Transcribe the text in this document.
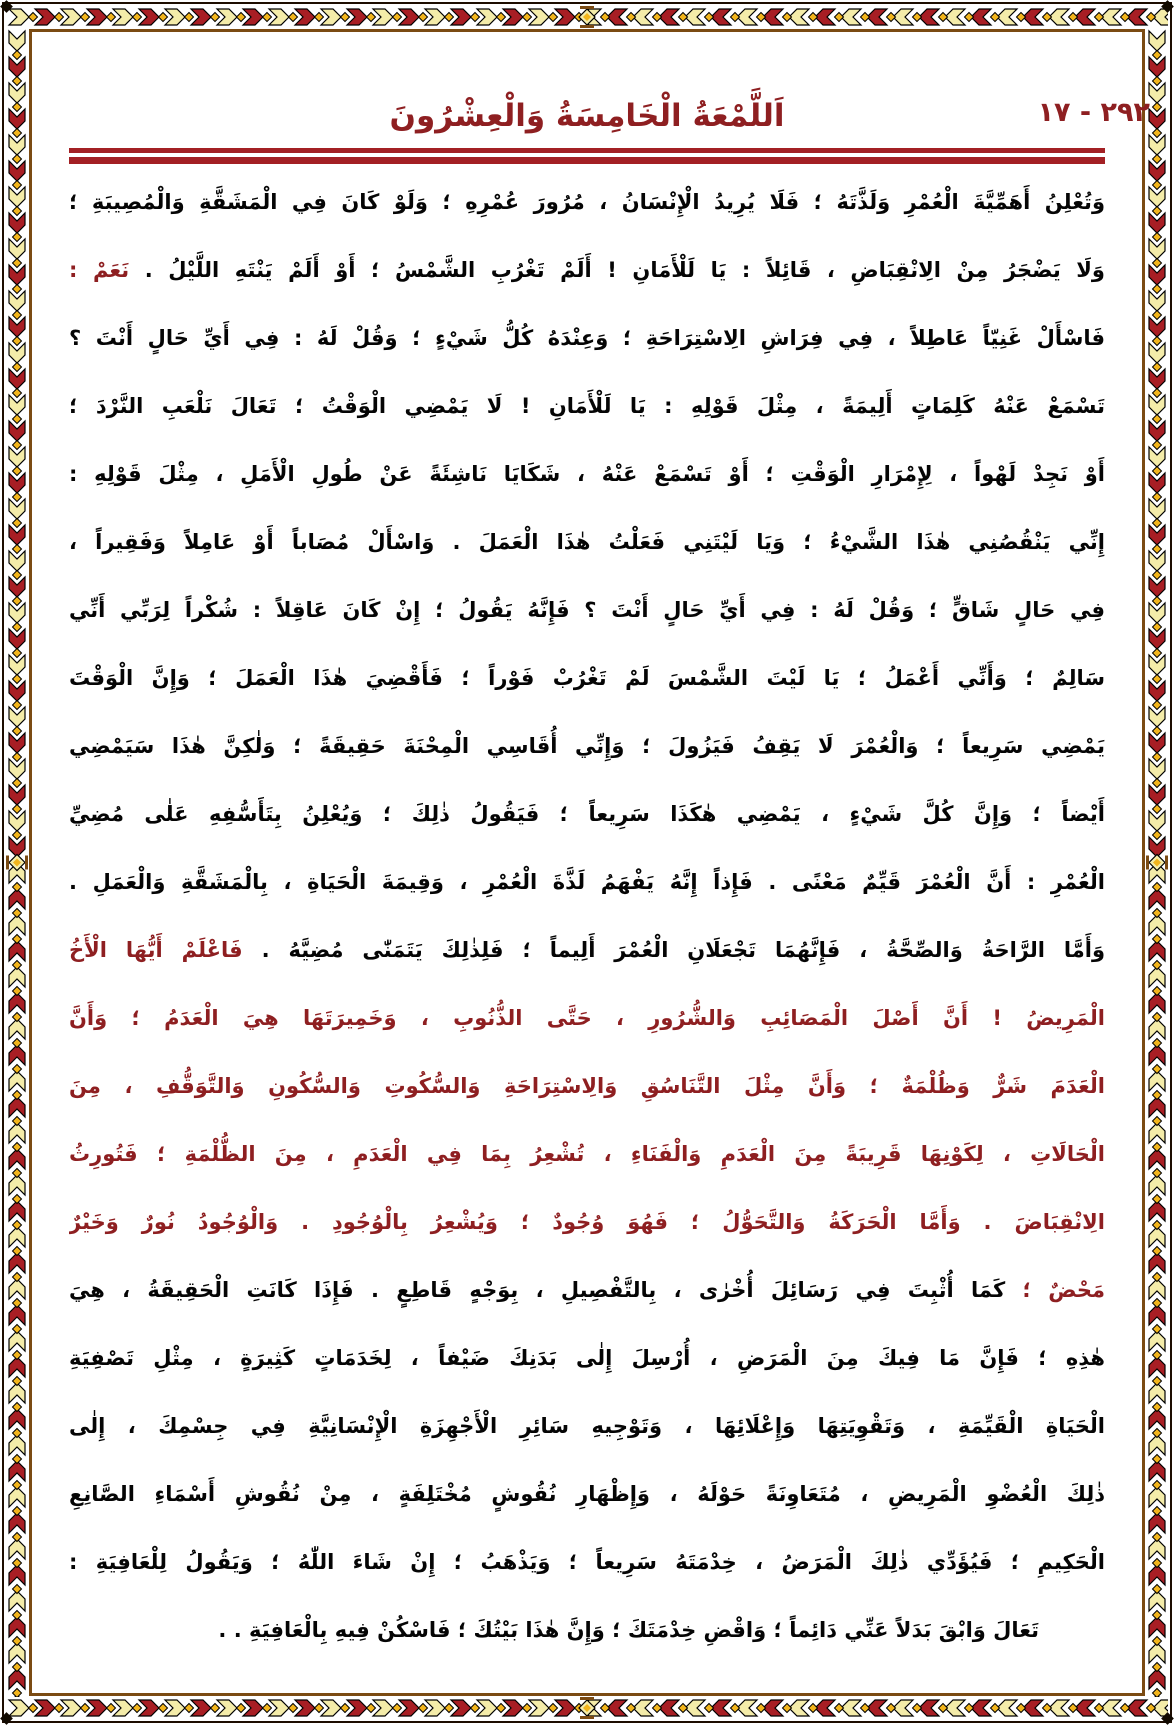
٢٩٢ - ١٧
اَللَّمْعَةُ الْخَامِسَةُ وَالْعِشْرُونَ
وَتُعْلِنُ أَهَمِّيَّةَ الْعُمْرِ وَلَذَّتَهُ ؛ فَلَا يُرِيدُ الْإِنْسَانُ ، مُرُورَ عُمْرِهِ ؛ وَلَوْ كَانَ فِي الْمَشَقَّةِ وَالْمُصِيبَةِ ؛
وَلَا يَضْجَرُ مِنْ الِانْقِبَاضِ ، قَائِلاً : يَا لَلْأَمَانِ ! أَلَمْ تَغْرُبِ الشَّمْسُ ؛ أَوْ أَلَمْ يَنْتَهِ اللَّيْلُ . نَعَمْ :
فَاسْأَلْ غَنِيّاً عَاطِلاً ، فِي فِرَاشِ الِاسْتِرَاحَةِ ؛ وَعِنْدَهُ كُلُّ شَيْءٍ ؛ وَقُلْ لَهُ : فِي أَيِّ حَالٍ أَنْتَ ؟
تَسْمَعْ عَنْهُ كَلِمَاتٍ أَلِيمَةً ، مِثْلَ قَوْلِهِ : يَا لَلْأَمَانِ ! لَا يَمْضِي الْوَقْتُ ؛ تَعَالَ نَلْعَبِ النَّرْدَ ؛
أَوْ نَجِدْ لَهْواً ، لِإِمْرَارِ الْوَقْتِ ؛ أَوْ تَسْمَعْ عَنْهُ ، شَكَايَا نَاشِئَةً عَنْ طُولِ الْأَمَلِ ، مِثْلَ قَوْلِهِ :
إِنِّي يَنْقُصُنِي هٰذَا الشَّيْءُ ؛ وَيَا لَيْتَنِي فَعَلْتُ هٰذَا الْعَمَلَ . وَاسْأَلْ مُصَاباً أَوْ عَامِلاً وَفَقِيراً ،
فِي حَالٍ شَاقٍّ ؛ وَقُلْ لَهُ : فِي أَيِّ حَالٍ أَنْتَ ؟ فَإِنَّهُ يَقُولُ ؛ إِنْ كَانَ عَاقِلاً : شُكْراً لِرَبِّي أَنِّي
سَالِمٌ ؛ وَأَنِّي أَعْمَلُ ؛ يَا لَيْتَ الشَّمْسَ لَمْ تَغْرُبْ فَوْراً ؛ فَأَقْضِيَ هٰذَا الْعَمَلَ ؛ وَإِنَّ الْوَقْتَ
يَمْضِي سَرِيعاً ؛ وَالْعُمْرَ لَا يَقِفُ فَيَزُولَ ؛ وَإِنِّي أُقَاسِي الْمِحْنَةَ حَقِيقَةً ؛ وَلٰكِنَّ هٰذَا سَيَمْضِي
أَيْضاً ؛ وَإِنَّ كُلَّ شَيْءٍ ، يَمْضِي هٰكَذَا سَرِيعاً ؛ فَيَقُولُ ذٰلِكَ ؛ وَيُعْلِنُ بِتَأَسُّفِهِ عَلٰى مُضِيِّ
الْعُمْرِ : أَنَّ الْعُمْرَ قَيِّمٌ مَعْنًى . فَإِذاً إِنَّهُ يَفْهَمُ لَذَّةَ الْعُمْرِ ، وَقِيمَةَ الْحَيَاةِ ، بِالْمَشَقَّةِ وَالْعَمَلِ .
وَأَمَّا الرَّاحَةُ وَالصِّحَّةُ ، فَإِنَّهُمَا تَجْعَلَانِ الْعُمْرَ أَلِيماً ؛ فَلِذٰلِكَ يَتَمَنّٰى مُضِيَّهُ . فَاعْلَمْ أَيُّهَا الْأَخُ
الْمَرِيضُ ! أَنَّ أَصْلَ الْمَصَائِبِ وَالشُّرُورِ ، حَتَّى الذُّنُوبِ ، وَخَمِيرَتَهَا هِيَ الْعَدَمُ ؛ وَأَنَّ
الْعَدَمَ شَرٌّ وَظُلْمَةٌ ؛ وَأَنَّ مِثْلَ التَّنَاسُقِ وَالِاسْتِرَاحَةِ وَالسُّكُوتِ وَالسُّكُونِ وَالتَّوَقُّفِ ، مِنَ
الْحَالَاتِ ، لِكَوْنِهَا قَرِيبَةً مِنَ الْعَدَمِ وَالْفَنَاءِ ، تُشْعِرُ بِمَا فِي الْعَدَمِ ، مِنَ الظُّلْمَةِ ؛ فَتُورِثُ
الِانْقِبَاضَ . وَأَمَّا الْحَرَكَةُ وَالتَّحَوُّلُ ؛ فَهُوَ وُجُودٌ ؛ وَيُشْعِرُ بِالْوُجُودِ . وَالْوُجُودُ نُورٌ وَخَيْرٌ
مَحْضٌ ؛ كَمَا أُثْبِتَ فِي رَسَائِلَ أُخْرٰى ، بِالتَّفْصِيلِ ، بِوَجْهٍ قَاطِعٍ . فَإِذَا كَانَتِ الْحَقِيقَةُ ، هِيَ
هٰذِهِ ؛ فَإِنَّ مَا فِيكَ مِنَ الْمَرَضِ ، أُرْسِلَ إِلٰى بَدَنِكَ ضَيْفاً ، لِخَدَمَاتٍ كَثِيرَةٍ ، مِثْلِ تَصْفِيَةِ
الْحَيَاةِ الْقَيِّمَةِ ، وَتَقْوِيَتِهَا وَإِعْلَائِهَا ، وَتَوْجِيهِ سَائِرِ الْأَجْهِزَةِ الْإِنْسَانِيَّةِ فِي جِسْمِكَ ، إِلٰى
ذٰلِكَ الْعُضْوِ الْمَرِيضِ ، مُتَعَاوِنَةً حَوْلَهُ ، وَإِظْهَارِ نُقُوشٍ مُخْتَلِفَةٍ ، مِنْ نُقُوشِ أَسْمَاءِ الصَّانِعِ
الْحَكِيمِ ؛ فَيُؤَدِّي ذٰلِكَ الْمَرَضُ ، خِدْمَتَهُ سَرِيعاً ؛ وَيَذْهَبُ ؛ إِنْ شَاءَ اللّٰهُ ؛ وَيَقُولُ لِلْعَافِيَةِ :
تَعَالَ وَابْقَ بَدَلاً عَنِّي دَائِماً ؛ وَاقْضِ خِدْمَتَكَ ؛ وَإِنَّ هٰذَا بَيْتُكَ ؛ فَاسْكُنْ فِيهِ بِالْعَافِيَةِ . .
